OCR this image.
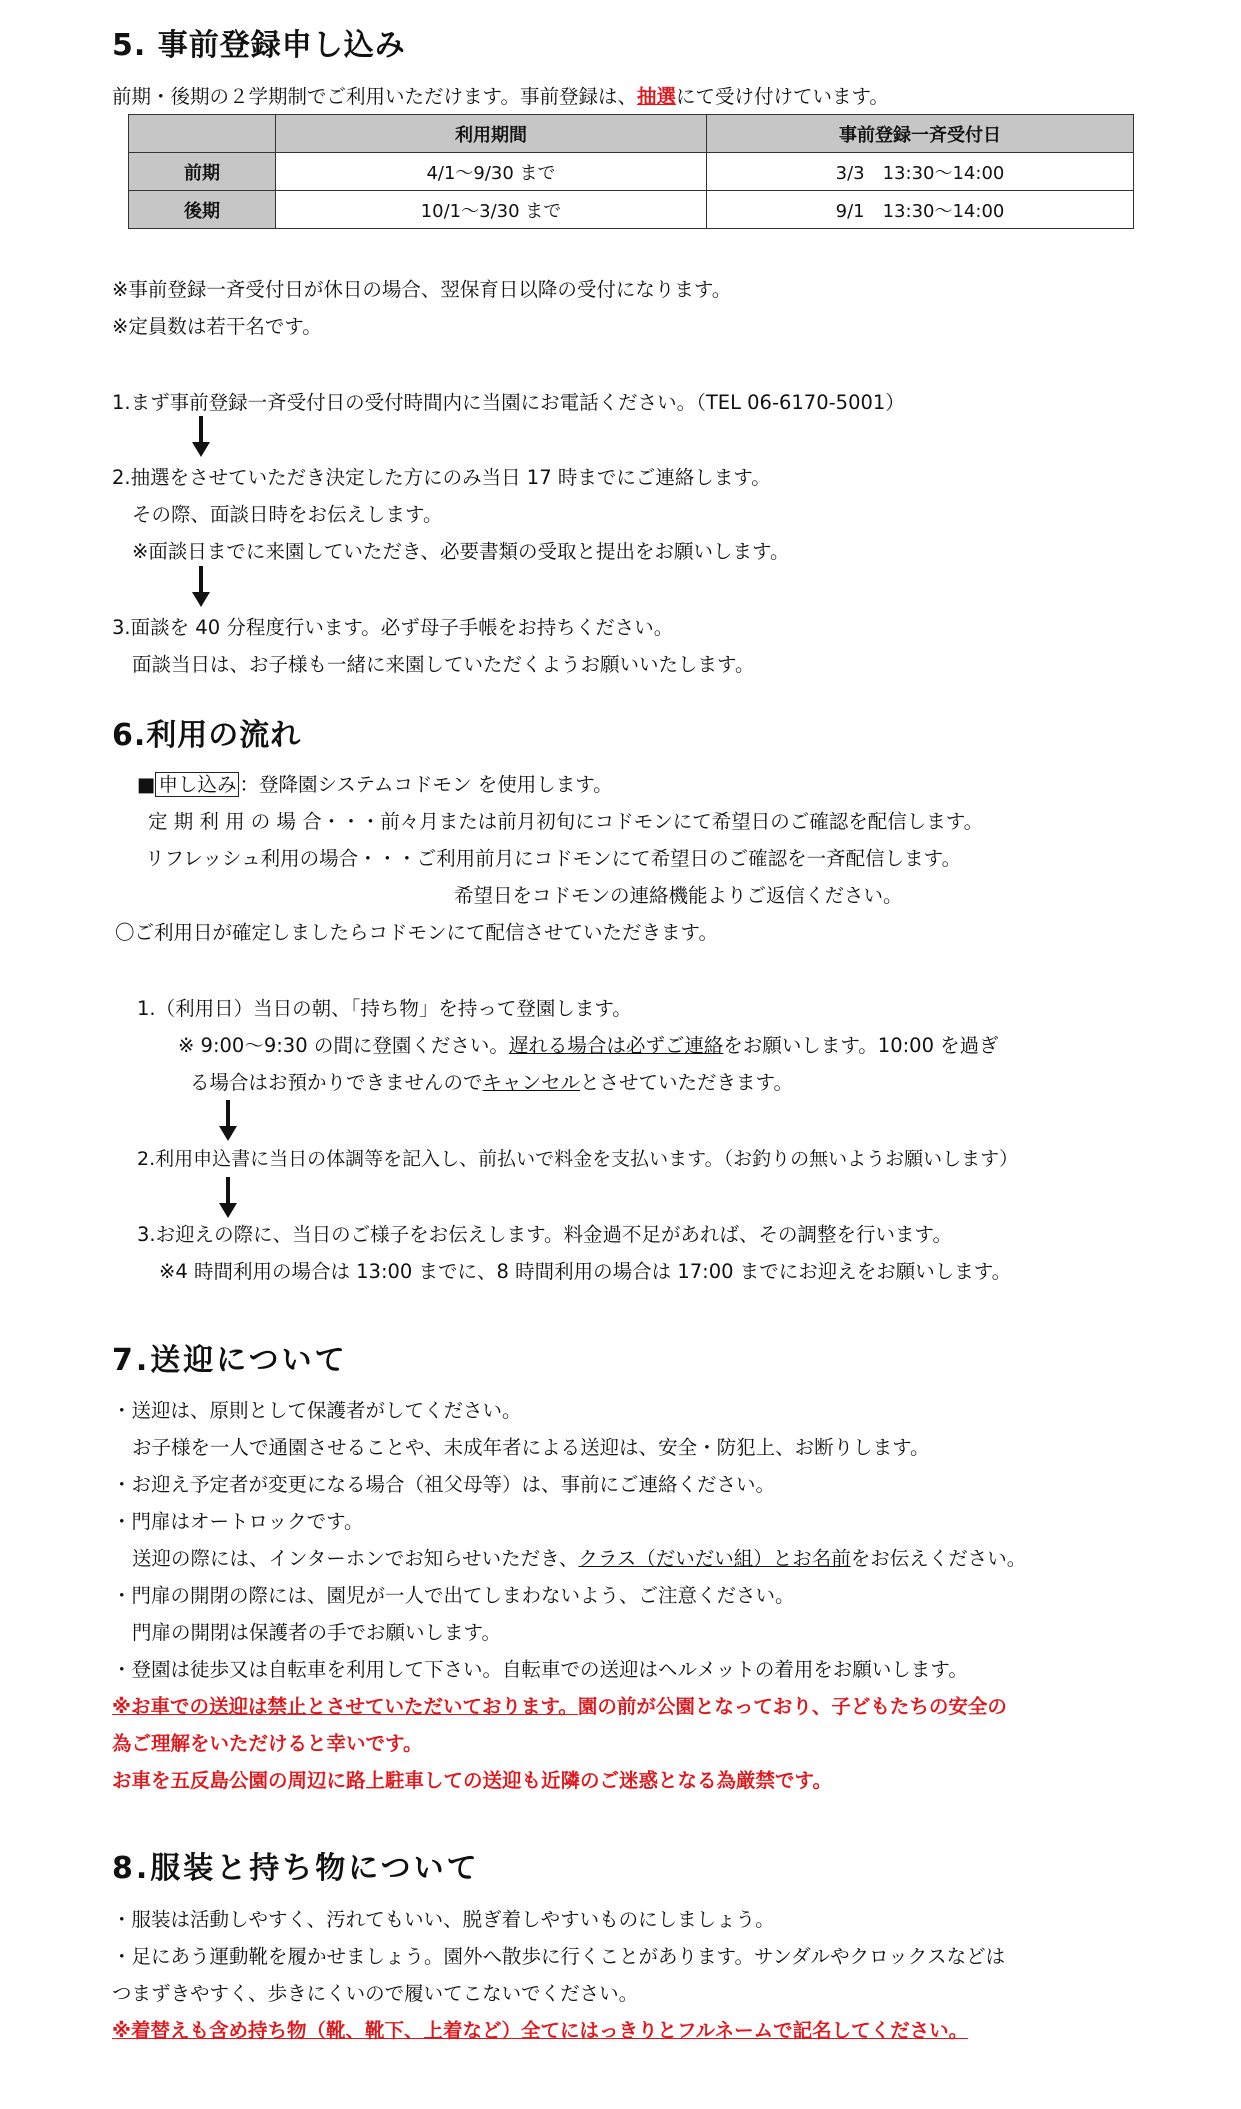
5. 事前登録申し込み
前期・後期の２学期制でご利用いただけます。事前登録は、抽選にて受け付けています。
	利用期間	事前登録一斉受付日
前期	4/1～9/30 まで	3/3　13:30～14:00
後期	10/1～3/30 まで	9/1　13:30～14:00
※事前登録一斉受付日が休日の場合、翌保育日以降の受付になります。
※定員数は若干名です。
1.まず事前登録一斉受付日の受付時間内に当園にお電話ください。（TEL 06-6170-5001）
2.抽選をさせていただき決定した方にのみ当日 17 時までにご連絡します。
その際、面談日時をお伝えします。
※面談日までに来園していただき、必要書類の受取と提出をお願いします。
3.面談を 40 分程度行います。必ず母子手帳をお持ちください。
面談当日は、お子様も一緒に来園していただくようお願いいたします。
6.利用の流れ
■ 申し込み ：登降園システムコドモン を使用します。
定 期 利 用 の 場 合・・・前々月または前月初旬にコドモンにて希望日のご確認を配信します。
リフレッシュ利用の場合・・・ご利用前月にコドモンにて希望日のご確認を一斉配信します。
希望日をコドモンの連絡機能よりご返信ください。
〇ご利用日が確定しましたらコドモンにて配信させていただきます。
1.（利用日）当日の朝、「持ち物」を持って登園します。
※ 9:00～9:30 の間に登園ください。遅れる場合は必ずご連絡をお願いします。10:00 を過ぎ
る場合はお預かりできませんのでキャンセルとさせていただきます。
2.利用申込書に当日の体調等を記入し、前払いで料金を支払います。（お釣りの無いようお願いします）
3.お迎えの際に、当日のご様子をお伝えします。料金過不足があれば、その調整を行います。
※4 時間利用の場合は 13:00 までに、8 時間利用の場合は 17:00 までにお迎えをお願いします。
7.送迎について
・送迎は、原則として保護者がしてください。
お子様を一人で通園させることや、未成年者による送迎は、安全・防犯上、お断りします。
・お迎え予定者が変更になる場合（祖父母等）は、事前にご連絡ください。
・門扉はオートロックです。
送迎の際には、インターホンでお知らせいただき、クラス（だいだい組）とお名前をお伝えください。
・門扉の開閉の際には、園児が一人で出てしまわないよう、ご注意ください。
門扉の開閉は保護者の手でお願いします。
・登園は徒歩又は自転車を利用して下さい。自転車での送迎はヘルメットの着用をお願いします。
※お車での送迎は禁止とさせていただいております。園の前が公園となっており、子どもたちの安全の
為ご理解をいただけると幸いです。
お車を五反島公園の周辺に路上駐車しての送迎も近隣のご迷惑となる為厳禁です。
8.服装と持ち物について
・服装は活動しやすく、汚れてもいい、脱ぎ着しやすいものにしましょう。
・足にあう運動靴を履かせましょう。園外へ散歩に行くことがあります。サンダルやクロックスなどは
つまずきやすく、歩きにくいので履いてこないでください。
※着替えも含め持ち物（靴、靴下、上着など）全てにはっきりとフルネームで記名してください。
